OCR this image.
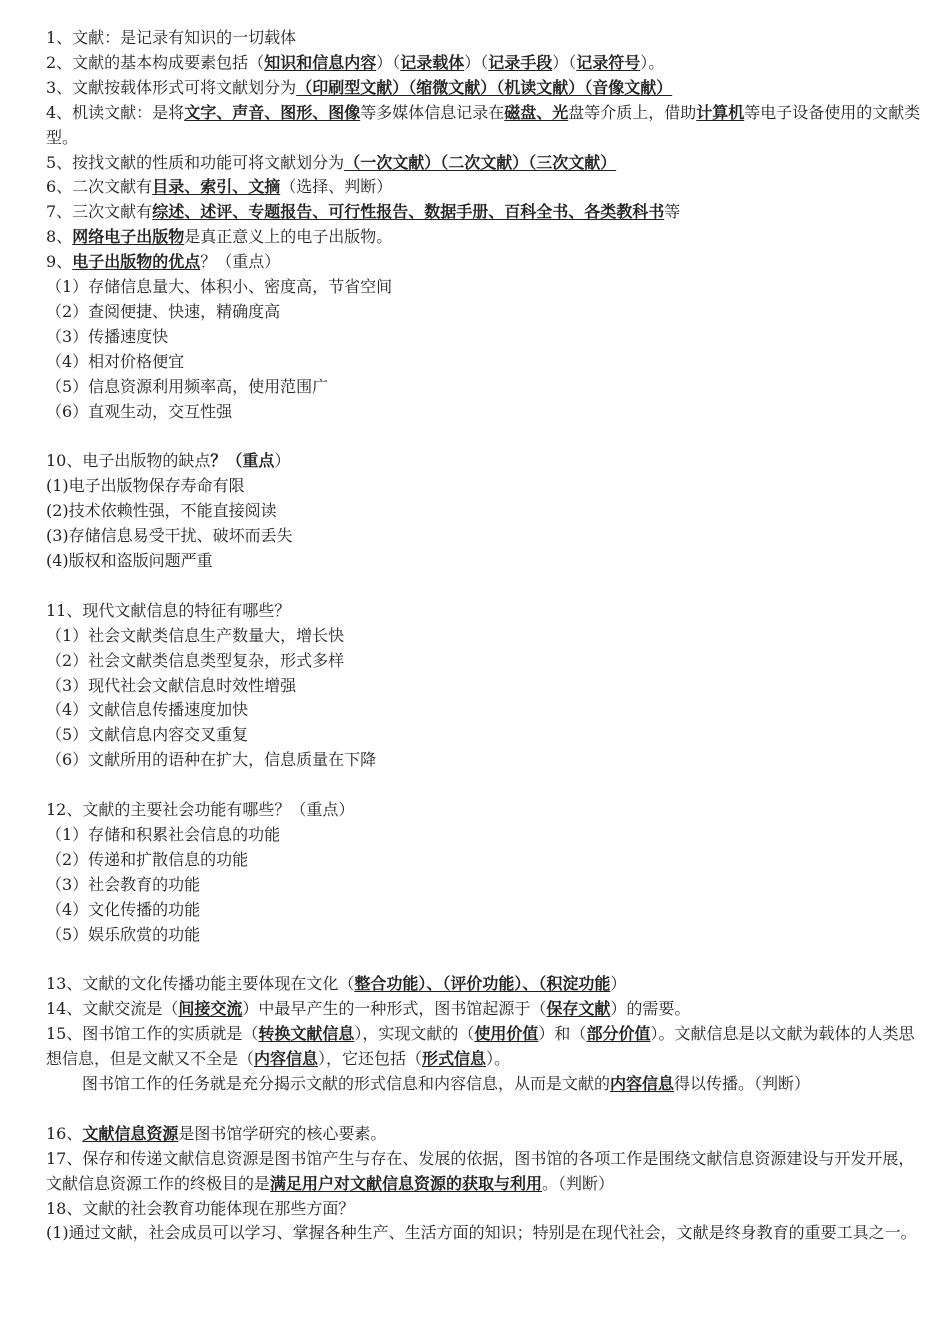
1、文献：是记录有知识的一切载体

2、文献的基本构成要素包括（知识和信息内容）（记录载体）（记录手段）（记录符号）。

3、文献按载体形式可将文献划分为（印刷型文献）（缩微文献）（机读文献）（音像文献）

4、机读文献：是将文字、声音、图形、图像等多媒体信息记录在磁盘、光盘等介质上，借助计算机等电子设备使用的文献类型。

5、按找文献的性质和功能可将文献划分为（一次文献）（二次文献）（三次文献）

6、二次文献有目录、索引、文摘（选择、判断）

7、三次文献有综述、述评、专题报告、可行性报告、数据手册、百科全书、各类教科书等

8、网络电子出版物是真正意义上的电子出版物。

9、电子出版物的优点？（重点）

（1）存储信息量大、体积小、密度高，节省空间

（2）查阅便捷、快速，精确度高

（3）传播速度快

（4）相对价格便宜

（5）信息资源利用频率高，使用范围广

（6）直观生动，交互性强

10、电子出版物的缺点？（重点）

(1)电子出版物保存寿命有限

(2)技术依赖性强，不能直接阅读

(3)存储信息易受干扰、破坏而丢失

(4)版权和盗版问题严重

11、现代文献信息的特征有哪些？

（1）社会文献类信息生产数量大，增长快

（2）社会文献类信息类型复杂，形式多样

（3）现代社会文献信息时效性增强

（4）文献信息传播速度加快

（5）文献信息内容交叉重复

（6）文献所用的语种在扩大，信息质量在下降

12、文献的主要社会功能有哪些？（重点）

（1）存储和积累社会信息的功能

（2）传递和扩散信息的功能

（3）社会教育的功能

（4）文化传播的功能

（5）娱乐欣赏的功能

13、文献的文化传播功能主要体现在文化（整合功能）、（评价功能）、（积淀功能）

14、文献交流是（间接交流）中最早产生的一种形式，图书馆起源于（保存文献）的需要。

15、图书馆工作的实质就是（转换文献信息），实现文献的（使用价值）和（部分价值）。文献信息是以文献为载体的人类思想信息，但是文献又不全是（内容信息），它还包括（形式信息）。

图书馆工作的任务就是充分揭示文献的形式信息和内容信息，从而是文献的内容信息得以传播。（判断）

16、文献信息资源是图书馆学研究的核心要素。

17、保存和传递文献信息资源是图书馆产生与存在、发展的依据，图书馆的各项工作是围绕文献信息资源建设与开发开展，文献信息资源工作的终极目的是满足用户对文献信息资源的获取与利用。（判断）

18、文献的社会教育功能体现在那些方面？

(1)通过文献，社会成员可以学习、掌握各种生产、生活方面的知识；特别是在现代社会，文献是终身教育的重要工具之一。
